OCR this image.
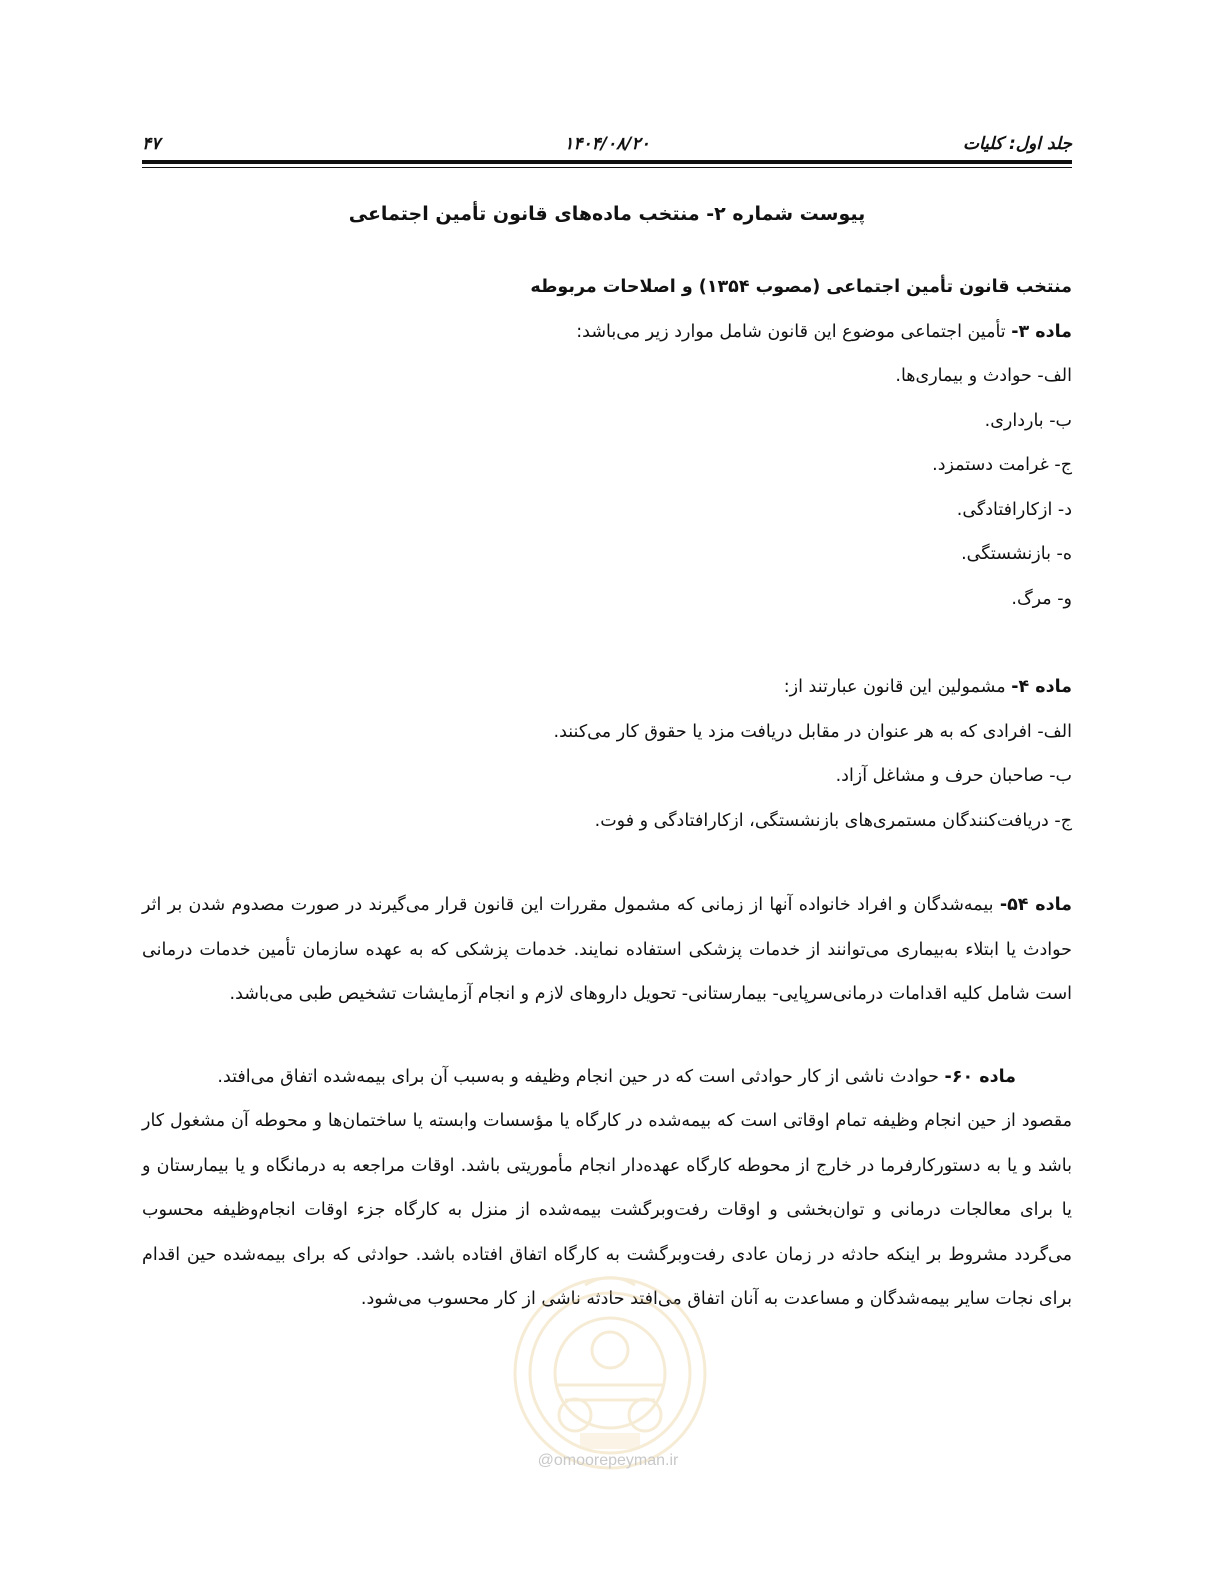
جلد اول: کلیات
۱۴۰۴/۰۸/۲۰
۴۷
پیوست شماره ۲- منتخب ماده‌های قانون تأمین اجتماعی

منتخب قانون تأمین اجتماعی (مصوب ۱۳۵۴) و اصلاحات مربوطه

ماده ۳- تأمین اجتماعی موضوع این قانون شامل موارد زیر می‌باشد:

الف- حوادث و بیماری‌ها.

ب- بارداری.

ج- غرامت دستمزد.

د- ازکارافتادگی.

ه- بازنشستگی.

و- مرگ.

ماده ۴- مشمولین این قانون عبارتند از:

الف- افرادی که به هر عنوان در مقابل دریافت مزد یا حقوق کار می‌کنند.

ب- صاحبان حرف و مشاغل آزاد.

ج- دریافت‌کنندگان مستمری‌های بازنشستگی، ازکارافتادگی و فوت.

ماده ۵۴- بیمه‌شدگان و افراد خانواده آنها از زمانی که مشمول مقررات این قانون قرار می‌گیرند در صورت مصدوم شدن بر اثر حوادث یا ابتلاء به‌بیماری می‌توانند از خدمات پزشکی استفاده نمایند. خدمات پزشکی که به عهده سازمان تأمین خدمات درمانی است شامل کلیه اقدامات درمانی‌سرپایی- بیمارستانی- تحویل داروهای لازم و انجام آزمایشات تشخیص طبی می‌باشد.

ماده ۶۰- حوادث ناشی از کار حوادثی است که در حین انجام وظیفه و به‌سبب آن برای بیمه‌شده اتفاق می‌افتد.

مقصود از حین انجام وظیفه تمام اوقاتی است که بیمه‌شده در کارگاه یا مؤسسات وابسته یا ساختمان‌ها و محوطه آن مشغول کار باشد و یا به دستورکارفرما در خارج از محوطه کارگاه عهده‌دار انجام مأموریتی باشد. اوقات مراجعه به درمانگاه و یا بیمارستان و یا برای معالجات درمانی و توان‌بخشی و اوقات رفت‌وبرگشت بیمه‌شده از منزل به کارگاه جزء اوقات انجام‌وظیفه محسوب می‌گردد مشروط بر اینکه حادثه در زمان عادی رفت‌وبرگشت به کارگاه اتفاق افتاده باشد. حوادثی که برای بیمه‌شده حین اقدام برای نجات سایر بیمه‌شدگان و مساعدت به آنان اتفاق می‌افتد حادثه ناشی از کار محسوب می‌شود.

@omoorepeyman.ir
